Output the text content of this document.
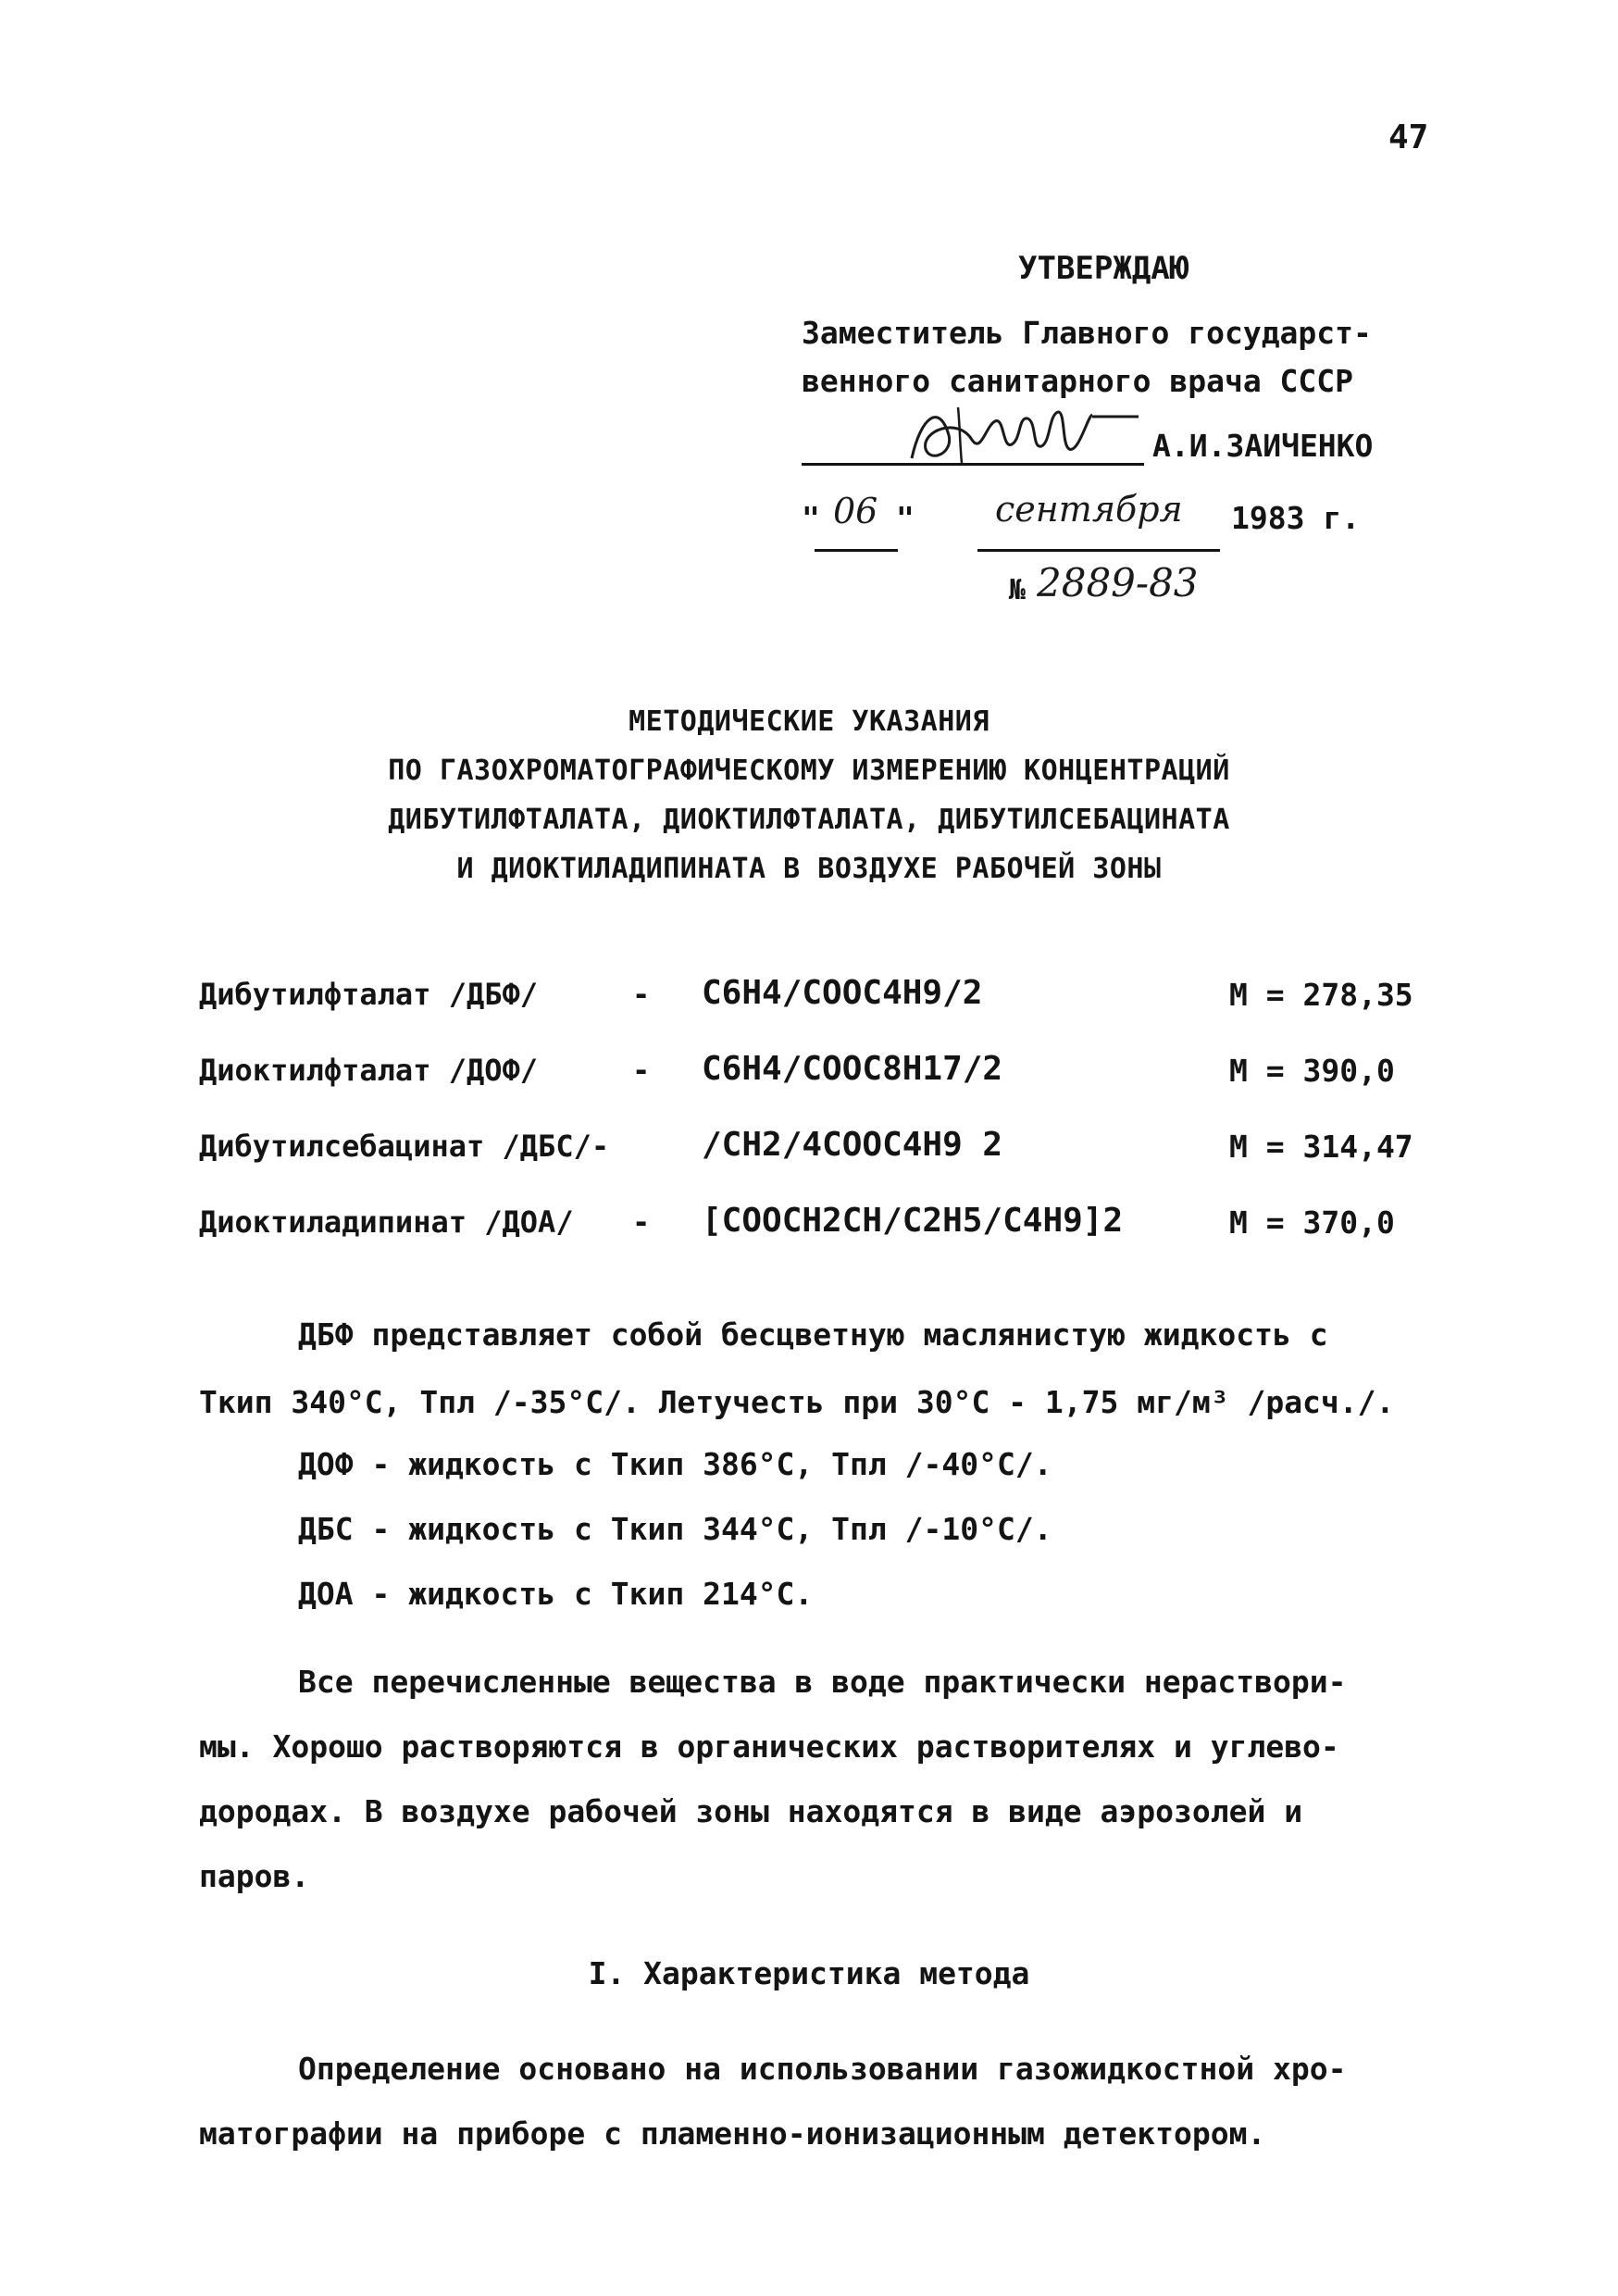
47
УТВЕРЖДАЮ
Заместитель Главного государст-
венного санитарного врача СССР
А.И.ЗАИЧЕНКО
" 06 " сентября 1983 г.
№ 2889-83
МЕТОДИЧЕСКИЕ УКАЗАНИЯ
ПО ГАЗОХРОМАТОГРАФИЧЕСКОМУ ИЗМЕРЕНИЮ КОНЦЕНТРАЦИЙ
ДИБУТИЛФТАЛАТА, ДИОКТИЛФТАЛАТА, ДИБУТИЛСЕБАЦИНАТА
И ДИОКТИЛАДИПИНАТА В ВОЗДУХЕ РАБОЧЕЙ ЗОНЫ
Дибутилфталат /ДБФ/	- C6H4/COOC4H9/2	М = 278,35
Диоктилфталат /ДОФ/	- C6H4/COOC8H17/2	М = 390,0
Дибутилсебацинат /ДБС/-	/CH2/4COOC4H9 2	М = 314,47
Диоктиладипинат /ДОА/ - [COOCH2CH/C2H5/C4H9]2	М = 370,0
ДБФ представляет собой бесцветную маслянистую жидкость с
Ткип 340°С, Тпл /-35°С/. Летучесть при 30°С - 1,75 мг/м³ /расч./.
ДОФ - жидкость с Ткип 386°С, Тпл /-40°С/.
ДБС - жидкость с Ткип 344°С, Тпл /-10°С/.
ДОА - жидкость с Ткип 214°С.
Все перечисленные вещества в воде практически нераствори-
мы. Хорошо растворяются в органических растворителях и углево-
дородах. В воздухе рабочей зоны находятся в виде аэрозолей и
паров.
I. Характеристика метода
Определение основано на использовании газожидкостной хро-
матографии на приборе с пламенно-ионизационным детектором.
